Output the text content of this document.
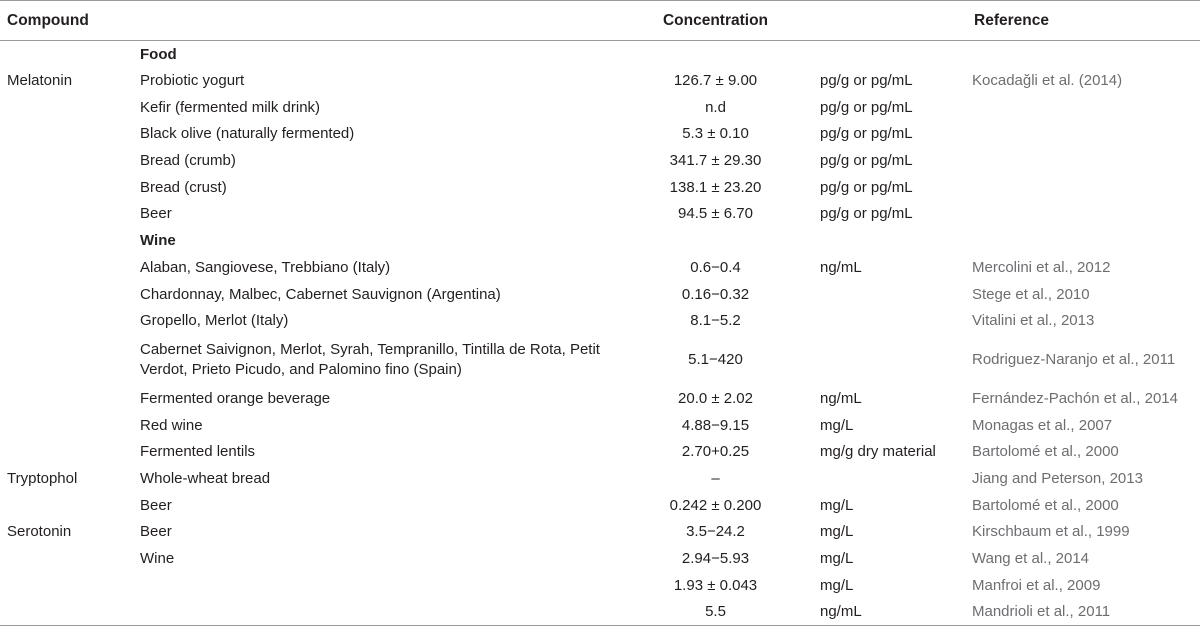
Compound		Concentration		Reference
	Food			
Melatonin	Probiotic yogurt	126.7 ± 9.00	pg/g or pg/mL	Kocadağli et al. (2014)
	Kefir (fermented milk drink)	n.d	pg/g or pg/mL	
	Black olive (naturally fermented)	5.3 ± 0.10	pg/g or pg/mL	
	Bread (crumb)	341.7 ± 29.30	pg/g or pg/mL	
	Bread (crust)	138.1 ± 23.20	pg/g or pg/mL	
	Beer	94.5 ± 6.70	pg/g or pg/mL	
	Wine			
	Alaban, Sangiovese, Trebbiano (Italy)	0.6−0.4	ng/mL	Mercolini et al., 2012
	Chardonnay, Malbec, Cabernet Sauvignon (Argentina)	0.16−0.32		Stege et al., 2010
	Gropello, Merlot (Italy)	8.1−5.2		Vitalini et al., 2013
	Cabernet Saivignon, Merlot, Syrah, Tempranillo, Tintilla de Rota, Petit Verdot, Prieto Picudo, and Palomino fino (Spain)	5.1−420		Rodriguez-Naranjo et al., 2011
	Fermented orange beverage	20.0 ± 2.02	ng/mL	Fernández-Pachón et al., 2014
	Red wine	4.88−9.15	mg/L	Monagas et al., 2007
	Fermented lentils	2.70+0.25	mg/g dry material	Bartolomé et al., 2000
Tryptophol	Whole-wheat bread	–		Jiang and Peterson, 2013
	Beer	0.242 ± 0.200	mg/L	Bartolomé et al., 2000
Serotonin	Beer	3.5−24.2	mg/L	Kirschbaum et al., 1999
	Wine	2.94−5.93	mg/L	Wang et al., 2014
		1.93 ± 0.043	mg/L	Manfroi et al., 2009
		5.5	ng/mL	Mandrioli et al., 2011
